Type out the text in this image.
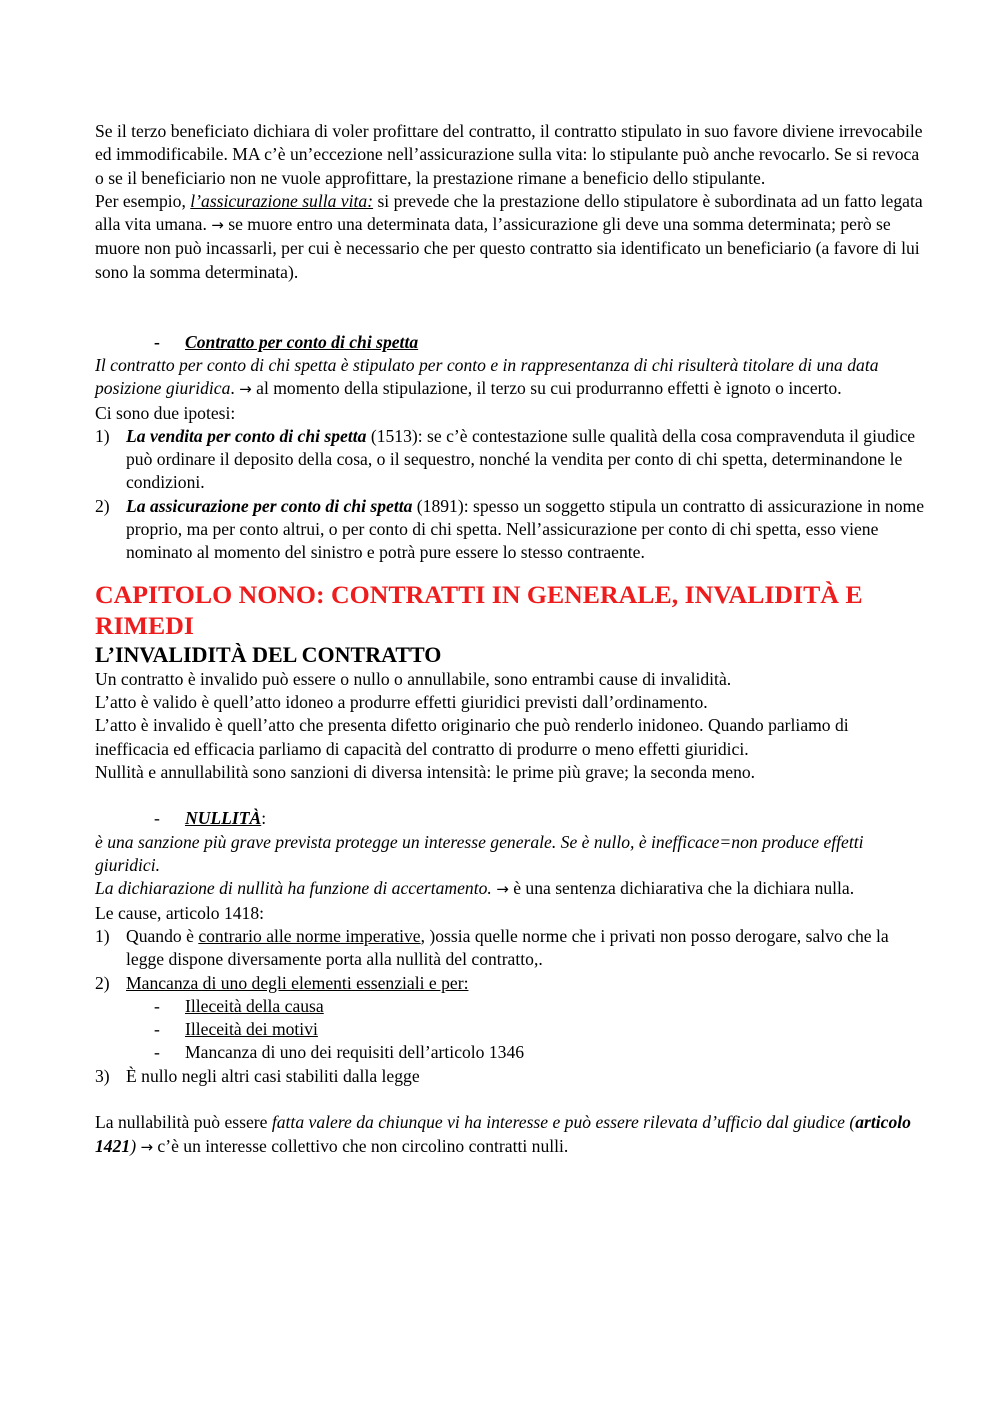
Se il terzo beneficiato dichiara di voler profittare del contratto, il contratto stipulato in suo favore diviene irrevocabile ed immodificabile. MA c’è un’eccezione nell’assicurazione sulla vita: lo stipulante può anche revocarlo. Se si revoca o se il beneficiario non ne vuole approfittare, la prestazione rimane a beneficio dello stipulante.

Per esempio, l’assicurazione sulla vita: si prevede che la prestazione dello stipulatore è subordinata ad un fatto legata alla vita umana. → se muore entro una determinata data, l’assicurazione gli deve una somma determinata; però se muore non può incassarli, per cui è necessario che per questo contratto sia identificato un beneficiario (a favore di lui sono la somma determinata).

- Contratto per conto di chi spetta

Il contratto per conto di chi spetta è stipulato per conto e in rappresentanza di chi risulterà titolare di una data posizione giuridica. → al momento della stipulazione, il terzo su cui produrranno effetti è ignoto o incerto.

Ci sono due ipotesi:

1) La vendita per conto di chi spetta (1513): se c’è contestazione sulle qualità della cosa compravenduta il giudice può ordinare il deposito della cosa, o il sequestro, nonché la vendita per conto di chi spetta, determinandone le condizioni.

2) La assicurazione per conto di chi spetta (1891): spesso un soggetto stipula un contratto di assicurazione in nome proprio, ma per conto altrui, o per conto di chi spetta. Nell’assicurazione per conto di chi spetta, esso viene nominato al momento del sinistro e potrà pure essere lo stesso contraente.

CAPITOLO NONO: CONTRATTI IN GENERALE, INVALIDITÀ E RIMEDI

L’INVALIDITÀ DEL CONTRATTO

Un contratto è invalido può essere o nullo o annullabile, sono entrambi cause di invalidità.

L’atto è valido è quell’atto idoneo a produrre effetti giuridici previsti dall’ordinamento.

L’atto è invalido è quell’atto che presenta difetto originario che può renderlo inidoneo. Quando parliamo di inefficacia ed efficacia parliamo di capacità del contratto di produrre o meno effetti giuridici.

Nullità e annullabilità sono sanzioni di diversa intensità: le prime più grave; la seconda meno.

- NULLITÀ:

è una sanzione più grave prevista protegge un interesse generale. Se è nullo, è inefficace=non produce effetti giuridici.

La dichiarazione di nullità ha funzione di accertamento. → è una sentenza dichiarativa che la dichiara nulla.

Le cause, articolo 1418:

1) Quando è contrario alle norme imperative, )ossia quelle norme che i privati non posso derogare, salvo che la legge dispone diversamente porta alla nullità del contratto,.

2) Mancanza di uno degli elementi essenziali e per:

- Illeceità della causa

- Illeceità dei motivi

- Mancanza di uno dei requisiti dell’articolo 1346

3) È nullo negli altri casi stabiliti dalla legge

La nullabilità può essere fatta valere da chiunque vi ha interesse e può essere rilevata d’ufficio dal giudice (articolo 1421) → c’è un interesse collettivo che non circolino contratti nulli.
